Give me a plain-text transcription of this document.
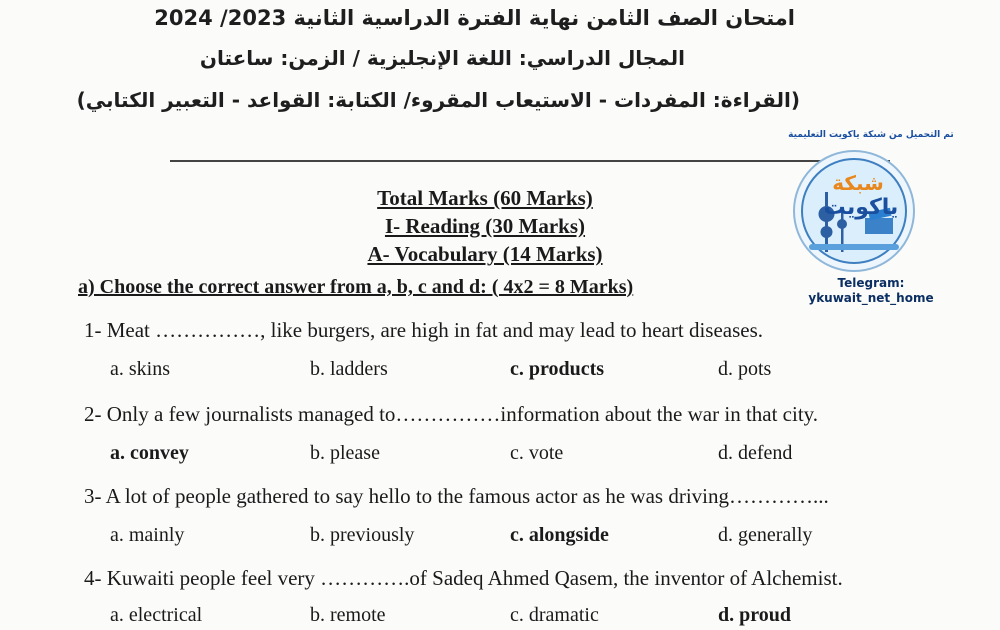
امتحان الصف الثامن نهاية الفترة الدراسية الثانية 2023/ 2024
المجال الدراسي: اللغة الإنجليزية / الزمن: ساعتان
(القراءة: المفردات - الاستيعاب المقروء/ الكتابة: القواعد - التعبير الكتابي)
تم التحميل من شبكة ياكويت التعليمية
شبكة
ياكويت
Telegram:
ykuwait_net_home
Total Marks (60 Marks)
I- Reading (30 Marks)
A- Vocabulary (14 Marks)
a) Choose the correct answer from a, b, c and d: ( 4x2 = 8 Marks)
1- Meat ……………, like burgers, are high in fat and may lead to heart diseases.
a. skins	b. ladders	c. products	d. pots
2- Only a few journalists managed to……………information about the war in that city.
a. convey	b. please	c. vote	d. defend
3- A lot of people gathered to say hello to the famous actor as he was driving…………...
a. mainly	b. previously	c. alongside	d. generally
4- Kuwaiti people feel very ………….of Sadeq Ahmed Qasem, the inventor of Alchemist.
a. electrical	b. remote	c. dramatic	d. proud
